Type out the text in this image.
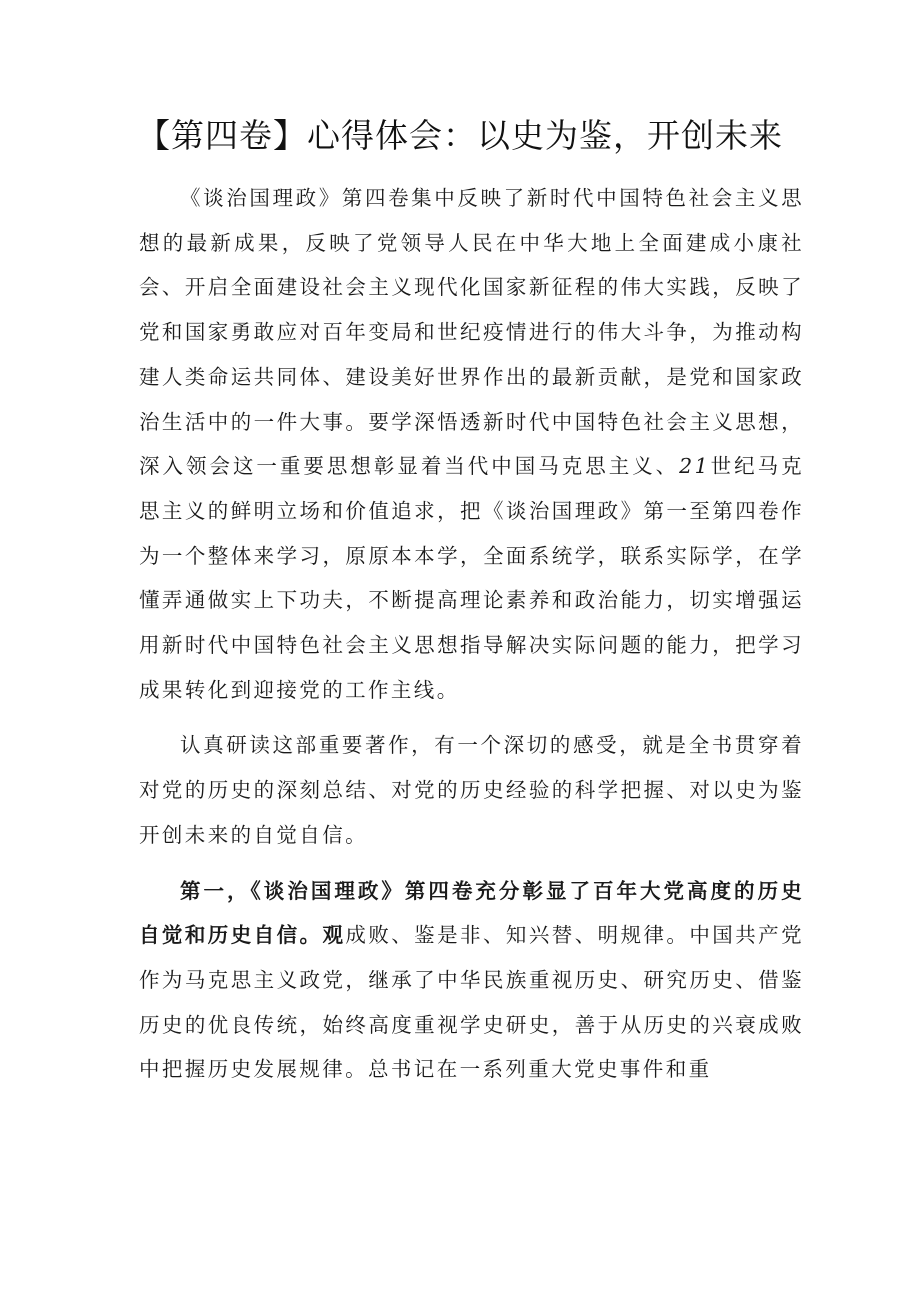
【第四卷】心得体会：以史为鉴，开创未来

《谈治国理政》第四卷集中反映了新时代中国特色社会主义思想的最新成果，反映了党领导人民在中华大地上全面建成小康社会、开启全面建设社会主义现代化国家新征程的伟大实践，反映了党和国家勇敢应对百年变局和世纪疫情进行的伟大斗争，为推动构建人类命运共同体、建设美好世界作出的最新贡献，是党和国家政治生活中的一件大事。要学深悟透新时代中国特色社会主义思想，深入领会这一重要思想彰显着当代中国马克思主义、21世纪马克思主义的鲜明立场和价值追求，把《谈治国理政》第一至第四卷作为一个整体来学习，原原本本学，全面系统学，联系实际学，在学懂弄通做实上下功夫，不断提高理论素养和政治能力，切实增强运用新时代中国特色社会主义思想指导解决实际问题的能力，把学习成果转化到迎接党的工作主线。

认真研读这部重要著作，有一个深切的感受，就是全书贯穿着对党的历史的深刻总结、对党的历史经验的科学把握、对以史为鉴开创未来的自觉自信。

第一，《谈治国理政》第四卷充分彰显了百年大党高度的历史自觉和历史自信。观成败、鉴是非、知兴替、明规律。中国共产党作为马克思主义政党，继承了中华民族重视历史、研究历史、借鉴历史的优良传统，始终高度重视学史研史，善于从历史的兴衰成败中把握历史发展规律。总书记在一系列重大党史事件和重
